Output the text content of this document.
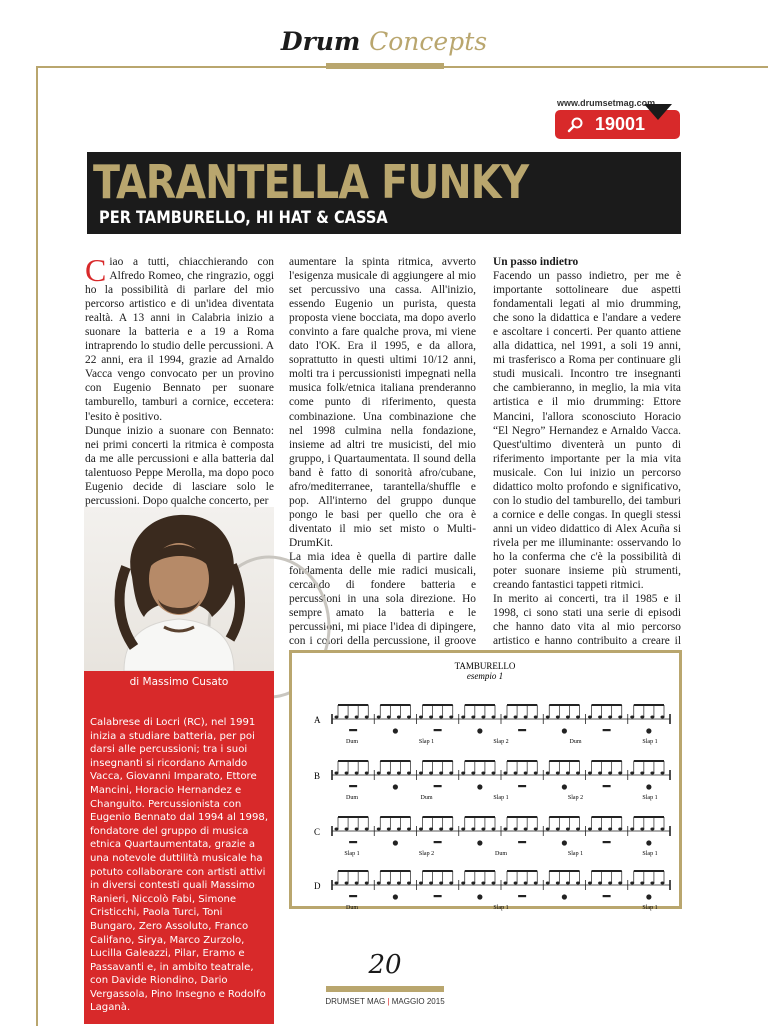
Drum Concepts
www.drumsetmag.com
19001
TARANTELLA FUNKY
PER TAMBURELLO, HI HAT & CASSA

Ciao a tutti, chiacchierando con Alfredo Romeo, che ringrazio, oggi ho la possibilità di parlare del mio percorso artistico e di un'idea diventata realtà. A 13 anni in Calabria inizio a suonare la batteria e a 19 a Roma intraprendo lo studio delle percussioni. A 22 anni, era il 1994, grazie ad Arnaldo Vacca vengo convocato per un provino con Eugenio Bennato per suonare tamburello, tamburi a cornice, eccetera: l'esito è positivo.

Dunque inizio a suonare con Bennato: nei primi concerti la ritmica è composta da me alle percussioni e alla batteria dal talentuoso Peppe Merolla, ma dopo poco Eugenio decide di lasciare solo le percussioni. Dopo qualche concerto, per

aumentare la spinta ritmica, avverto l'esigenza musicale di aggiungere al mio set percussivo una cassa. All'inizio, essendo Eugenio un purista, questa proposta viene bocciata, ma dopo averlo convinto a fare qualche prova, mi viene dato l'OK. Era il 1995, e da allora, soprattutto in questi ultimi 10/12 anni, molti tra i percussionisti impegnati nella musica folk/etnica italiana prenderanno come punto di riferimento, questa combinazione. Una combinazione che nel 1998 culmina nella fondazione, insieme ad altri tre musicisti, del mio gruppo, i Quartaumentata. Il sound della band è fatto di sonorità afro/cubane, afro/mediterranee, tarantella/shuffle e pop. All'interno del gruppo dunque pongo le basi per quello che ora è diventato il mio set misto o Multi-DrumKit.

La mia idea è quella di partire dalle fondamenta delle mie radici musicali, cercando di fondere batteria e percussioni in una sola direzione. Ho sempre amato la batteria e le percussioni, mi piace l'idea di dipingere, con i colori della percussione, il groove

Un passo indietro

Facendo un passo indietro, per me è importante sottolineare due aspetti fondamentali legati al mio drumming, che sono la didattica e l'andare a vedere e ascoltare i concerti. Per quanto attiene alla didattica, nel 1991, a soli 19 anni, mi trasferisco a Roma per continuare gli studi musicali. Incontro tre insegnanti che cambieranno, in meglio, la mia vita artistica e il mio drumming: Ettore Mancini, l'allora sconosciuto Horacio “El Negro” Hernandez e Arnaldo Vacca. Quest'ultimo diventerà un punto di riferimento importante per la mia vita musicale. Con lui inizio un percorso didattico molto profondo e significativo, con lo studio del tamburello, dei tamburi a cornice e delle congas. In quegli stessi anni un video didattico di Alex Acuña si rivela per me illuminante: osservando lo ho la conferma che c'è la possibilità di poter suonare insieme più strumenti, creando fantastici tappeti ritmici.

In merito ai concerti, tra il 1985 e il 1998, ci sono stati una serie di episodi che hanno dato vita al mio percorso artistico e hanno contribuito a creare il

di Massimo Cusato
Calabrese di Locri (RC), nel 1991 inizia a studiare batteria, per poi darsi alle percussioni; tra i suoi insegnanti si ricordano Arnaldo Vacca, Giovanni Imparato, Ettore Mancini, Horacio Hernandez e Changuito. Percussionista con Eugenio Bennato dal 1994 al 1998, fondatore del gruppo di musica etnica Quartaumentata, grazie a una notevole duttilità musicale ha potuto collaborare con artisti attivi in diversi contesti quali Massimo Ranieri, Niccolò Fabi, Simone Cristicchi, Paola Turci, Toni Bungaro, Zero Assoluto, Franco Califano, Sirya, Marco Zurzolo, Lucilla Galeazzi, Pilar, Eramo e Passavanti e, in ambito teatrale, con Davide Riondino, Dario Vergassola, Pino Insegno e Rodolfo Laganà.
TAMBURELLO
esempio 1
A
Dum	Slap 1	Slap 2	Dum	Slap 1
B
Dum	Dum	Slap 1	Slap 2	Slap 1
C
Slap 1	Slap 2	Dum	Slap 1	Slap 1
D
Dum	Slap 1	Slap 1
20
DRUMSET MAG | MAGGIO 2015
